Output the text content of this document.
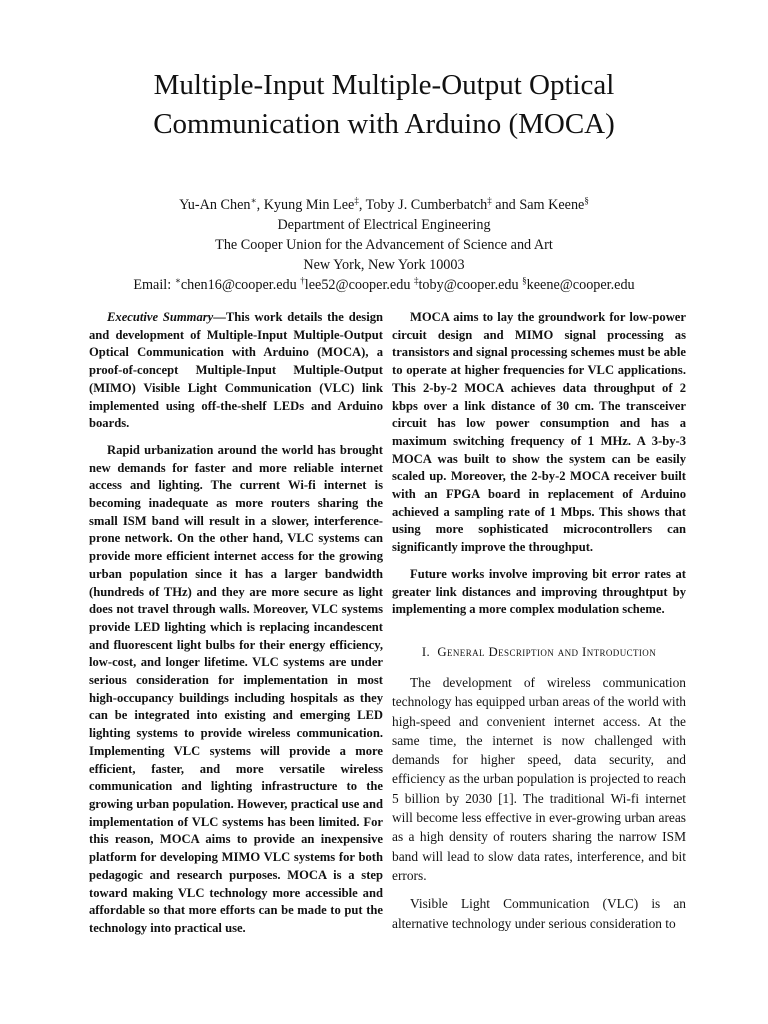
Multiple-Input Multiple-Output Optical
Communication with Arduino (MOCA)
Yu-An Chen∗, Kyung Min Lee‡, Toby J. Cumberbatch‡ and Sam Keene§
Department of Electrical Engineering
The Cooper Union for the Advancement of Science and Art
New York, New York 10003
Email: ∗chen16@cooper.edu †lee52@cooper.edu ‡toby@cooper.edu §keene@cooper.edu

Executive Summary—This work details the design and development of Multiple-Input Multiple-Output Optical Communication with Arduino (MOCA), a proof-of-concept Multiple-Input Multiple-Output (MIMO) Visible Light Communication (VLC) link implemented using off-the-shelf LEDs and Arduino boards.

Rapid urbanization around the world has brought new demands for faster and more reliable internet access and lighting. The current Wi-fi internet is becoming inadequate as more routers sharing the small ISM band will result in a slower, interference-prone network. On the other hand, VLC systems can provide more efficient internet access for the growing urban population since it has a larger bandwidth (hundreds of THz) and they are more secure as light does not travel through walls. Moreover, VLC systems provide LED lighting which is replacing incandescent and fluorescent light bulbs for their energy efficiency, low-cost, and longer lifetime. VLC systems are under serious consideration for implementation in most high-occupancy buildings including hospitals as they can be integrated into existing and emerging LED lighting systems to provide wireless communication. Implementing VLC systems will provide a more efficient, faster, and more versatile wireless communication and lighting infrastructure to the growing urban population. However, practical use and implementation of VLC systems has been limited. For this reason, MOCA aims to provide an inexpensive platform for developing MIMO VLC systems for both pedagogic and research purposes. MOCA is a step toward making VLC technology more accessible and affordable so that more efforts can be made to put the technology into practical use.

MOCA aims to lay the groundwork for low-power circuit design and MIMO signal processing as transistors and signal processing schemes must be able to operate at higher frequencies for VLC applications. This 2-by-2 MOCA achieves data throughput of 2 kbps over a link distance of 30 cm. The transceiver circuit has low power consumption and has a maximum switching frequency of 1 MHz. A 3-by-3 MOCA was built to show the system can be easily scaled up. Moreover, the 2-by-2 MOCA receiver built with an FPGA board in replacement of Arduino achieved a sampling rate of 1 Mbps. This shows that using more sophisticated microcontrollers can significantly improve the throughput.

Future works involve improving bit error rates at greater link distances and improving throughtput by implementing a more complex modulation scheme.

I. General Description and Introduction

The development of wireless communication technology has equipped urban areas of the world with high-speed and convenient internet access. At the same time, the internet is now challenged with demands for higher speed, data security, and efficiency as the urban population is projected to reach 5 billion by 2030 [1]. The traditional Wi-fi internet will become less effective in ever-growing urban areas as a high density of routers sharing the narrow ISM band will lead to slow data rates, interference, and bit errors.

Visible Light Communication (VLC) is an alternative technology under serious consideration to
